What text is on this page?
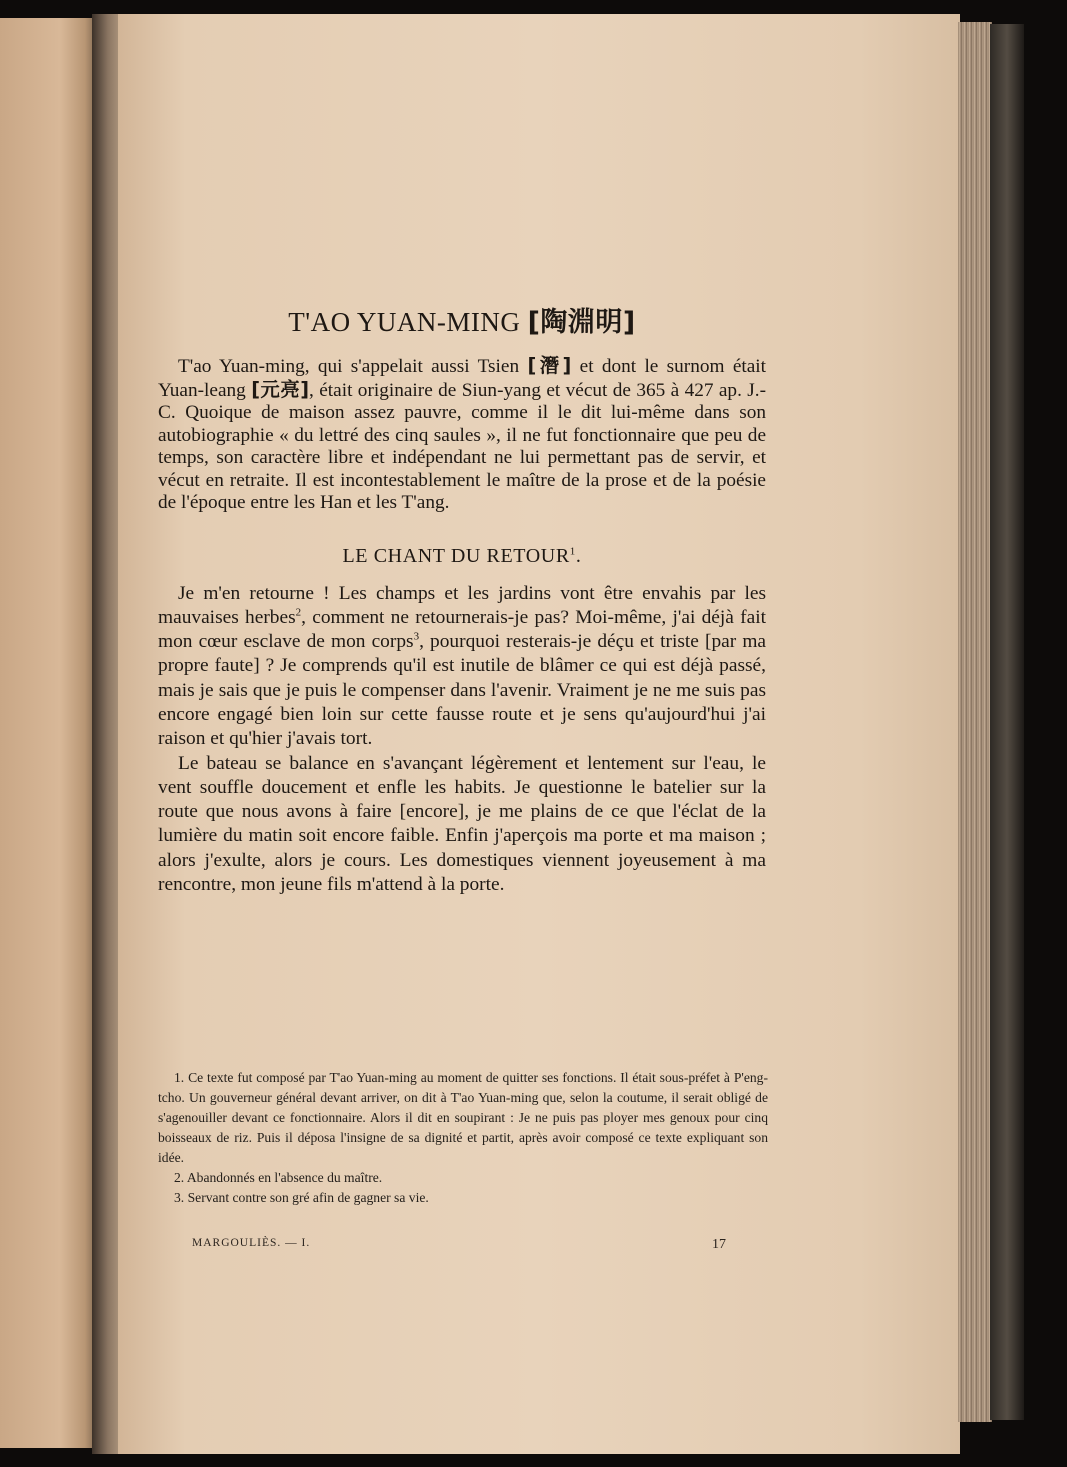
T'AO YUAN-MING [陶淵明]

T'ao Yuan-ming, qui s'appelait aussi Tsien [潛] et dont le surnom était Yuan-leang [元亮], était originaire de Siun-yang et vécut de 365 à 427 ap. J.-C. Quoique de maison assez pauvre, comme il le dit lui-même dans son autobiographie « du lettré des cinq saules », il ne fut fonctionnaire que peu de temps, son caractère libre et indépendant ne lui permettant pas de servir, et vécut en retraite. Il est incontestablement le maître de la prose et de la poésie de l'époque entre les Han et les T'ang.

LE CHANT DU RETOUR$^1$.

Je m'en retourne ! Les champs et les jardins vont être envahis par les mauvaises herbes$^2$, comment ne retournerais-je pas? Moi-même, j'ai déjà fait mon cœur esclave de mon corps$^3$, pourquoi resterais-je déçu et triste [par ma propre faute] ? Je comprends qu'il est inutile de blâmer ce qui est déjà passé, mais je sais que je puis le compenser dans l'avenir. Vraiment je ne me suis pas encore engagé bien loin sur cette fausse route et je sens qu'aujourd'hui j'ai raison et qu'hier j'avais tort.

Le bateau se balance en s'avançant légèrement et lentement sur l'eau, le vent souffle doucement et enfle les habits. Je questionne le batelier sur la route que nous avons à faire [encore], je me plains de ce que l'éclat de la lumière du matin soit encore faible. Enfin j'aperçois ma porte et ma maison ; alors j'exulte, alors je cours. Les domestiques viennent joyeusement à ma rencontre, mon jeune fils m'attend à la porte.

1. Ce texte fut composé par T'ao Yuan-ming au moment de quitter ses fonctions. Il était sous-préfet à P'eng-tcho. Un gouverneur général devant arriver, on dit à T'ao Yuan-ming que, selon la coutume, il serait obligé de s'agenouiller devant ce fonctionnaire. Alors il dit en soupirant : Je ne puis pas ployer mes genoux pour cinq boisseaux de riz. Puis il déposa l'insigne de sa dignité et partit, après avoir composé ce texte expliquant son idée.

2. Abandonnés en l'absence du maître.

3. Servant contre son gré afin de gagner sa vie.

MARGOULIÈS. — I.	17
